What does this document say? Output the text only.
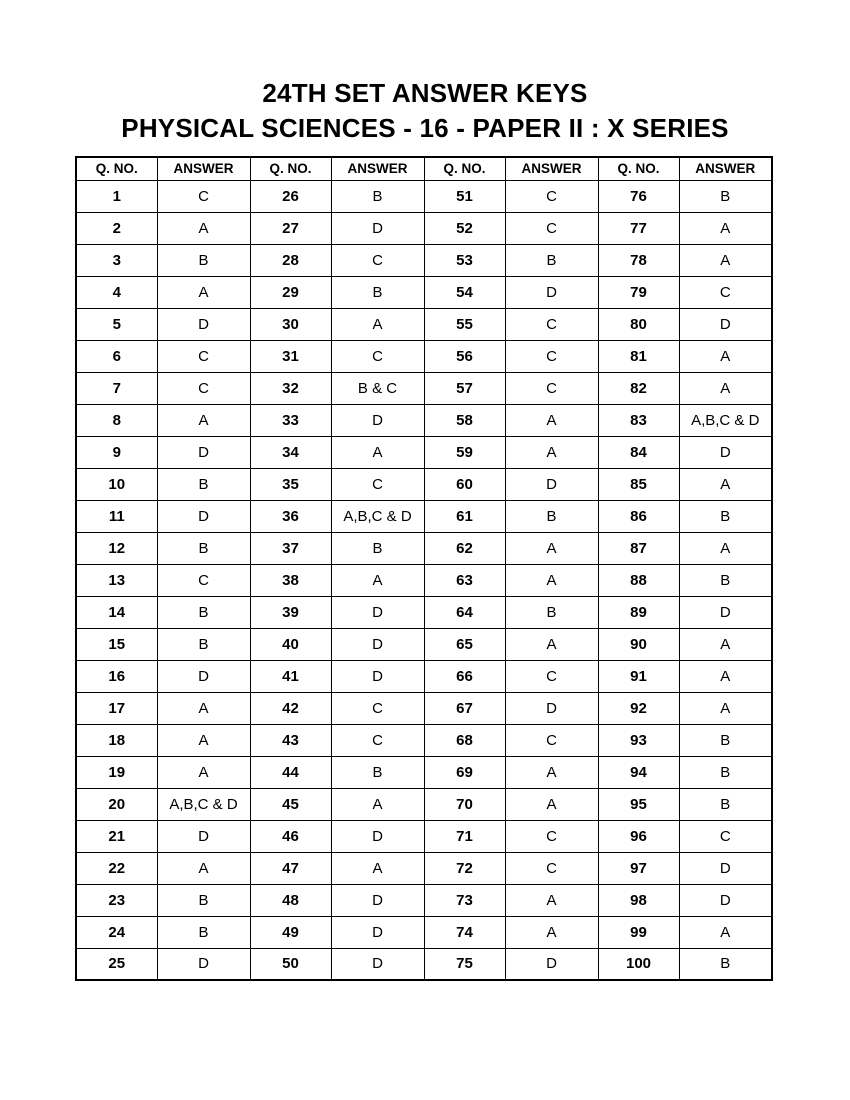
24TH SET ANSWER KEYS
PHYSICAL SCIENCES - 16 - PAPER II : X SERIES
Q. NO.	ANSWER	Q. NO.	ANSWER	Q. NO.	ANSWER	Q. NO.	ANSWER
1	C	26	B	51	C	76	B
2	A	27	D	52	C	77	A
3	B	28	C	53	B	78	A
4	A	29	B	54	D	79	C
5	D	30	A	55	C	80	D
6	C	31	C	56	C	81	A
7	C	32	B & C	57	C	82	A
8	A	33	D	58	A	83	A,B,C & D
9	D	34	A	59	A	84	D
10	B	35	C	60	D	85	A
11	D	36	A,B,C & D	61	B	86	B
12	B	37	B	62	A	87	A
13	C	38	A	63	A	88	B
14	B	39	D	64	B	89	D
15	B	40	D	65	A	90	A
16	D	41	D	66	C	91	A
17	A	42	C	67	D	92	A
18	A	43	C	68	C	93	B
19	A	44	B	69	A	94	B
20	A,B,C & D	45	A	70	A	95	B
21	D	46	D	71	C	96	C
22	A	47	A	72	C	97	D
23	B	48	D	73	A	98	D
24	B	49	D	74	A	99	A
25	D	50	D	75	D	100	B
